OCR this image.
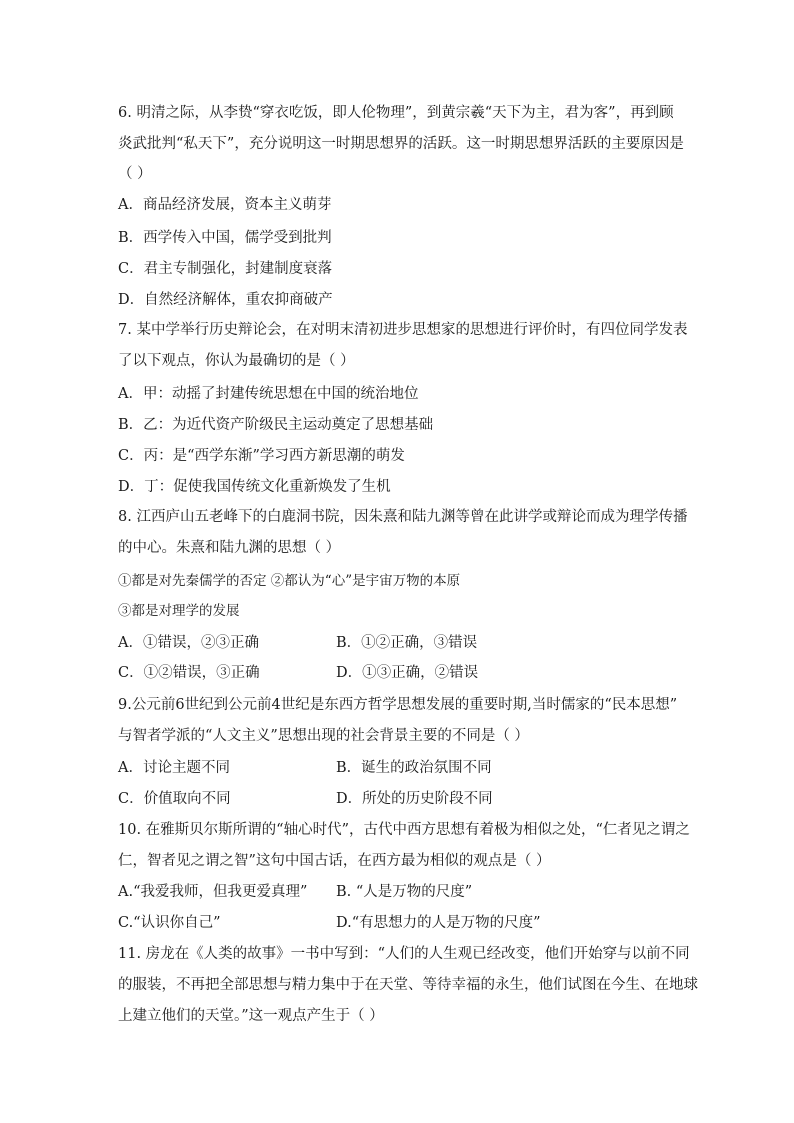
6. 明清之际，从李贽“穿衣吃饭，即人伦物理”，到黄宗羲“天下为主，君为客”，再到顾
炎武批判“私天下”，充分说明这一时期思想界的活跃。这一时期思想界活跃的主要原因是
（ ）
A．商品经济发展，资本主义萌芽
B．西学传入中国，儒学受到批判
C．君主专制强化，封建制度衰落
D．自然经济解体，重农抑商破产
7. 某中学举行历史辩论会，在对明末清初进步思想家的思想进行评价时，有四位同学发表
了以下观点，你认为最确切的是（ ）
A．甲：动摇了封建传统思想在中国的统治地位
B．乙：为近代资产阶级民主运动奠定了思想基础
C．丙：是“西学东渐”学习西方新思潮的萌发
D．丁：促使我国传统文化重新焕发了生机
8. 江西庐山五老峰下的白鹿洞书院，因朱熹和陆九渊等曾在此讲学或辩论而成为理学传播
的中心。朱熹和陆九渊的思想（ ）
①都是对先秦儒学的否定 ②都认为“心”是宇宙万物的本原
③都是对理学的发展
A．①错误，②③正确	B．①②正确，③错误
C．①②错误，③正确	D．①③正确，②错误
9.公元前6世纪到公元前4世纪是东西方哲学思想发展的重要时期,当时儒家的“民本思想”
与智者学派的“人文主义”思想出现的社会背景主要的不同是（ ）
A．讨论主题不同	B．诞生的政治氛围不同
C．价值取向不同	D．所处的历史阶段不同
10. 在雅斯贝尔斯所谓的“轴心时代”，古代中西方思想有着极为相似之处，“仁者见之谓之
仁，智者见之谓之智”这句中国古话，在西方最为相似的观点是（ ）
A.“我爱我师，但我更爱真理” B. “人是万物的尺度”
C.“认识你自己”	D.“有思想力的人是万物的尺度”
11. 房龙在《人类的故事》一书中写到：“人们的人生观已经改变，他们开始穿与以前不同
的服装，不再把全部思想与精力集中于在天堂、等待幸福的永生，他们试图在今生、在地球
上建立他们的天堂。”这一观点产生于（ ）
